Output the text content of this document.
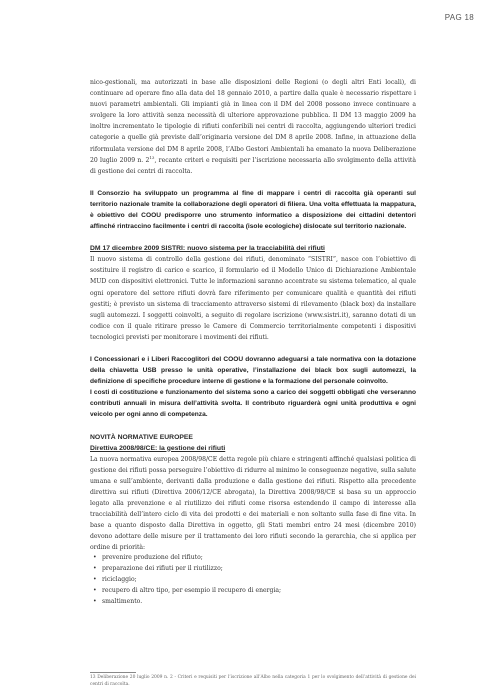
PAG 18

nico-gestionali, ma autorizzati in base alle disposizioni delle Regioni (o degli altri Enti locali), di continuare ad operare fino alla data del 18 gennaio 2010, a partire dalla quale è necessario rispettare i nuovi parametri ambientali. Gli impianti già in linea con il DM del 2008 possono invece continuare a svolgere la loro attività senza necessità di ulteriore approvazione pubblica. Il DM 13 maggio 2009 ha inoltre incrementato le tipologie di rifiuti conferibili nei centri di raccolta, aggiungendo ulteriori tredici categorie a quelle già previste dall’originaria versione del DM 8 aprile 2008. Infine, in attuazione della riformulata versione del DM 8 aprile 2008, l’Albo Gestori Ambientali ha emanato la nuova Deliberazione 20 luglio 2009 n. $2^{13}$, recante criteri e requisiti per l’iscrizione necessaria allo svolgimento della attività di gestione dei centri di raccolta.

Il Consorzio ha sviluppato un programma al fine di mappare i centri di raccolta già operanti sul territorio nazionale tramite la collaborazione degli operatori di filiera. Una volta effettuata la mappatura, è obiettivo del COOU predisporre uno strumento informatico a disposizione dei cittadini detentori affinché rintraccino facilmente i centri di raccolta (isole ecologiche) dislocate sul territorio nazionale.

DM 17 dicembre 2009 SISTRI: nuovo sistema per la tracciabilità dei rifiuti

Il nuovo sistema di controllo della gestione dei rifiuti, denominato “SISTRI”, nasce con l’obiettivo di sostituire il registro di carico e scarico, il formulario ed il Modello Unico di Dichiarazione Ambientale MUD con dispositivi elettronici. Tutte le informazioni saranno accentrate su sistema telematico, al quale ogni operatore del settore rifiuti dovrà fare riferimento per comunicare qualità e quantità dei rifiuti gestiti; è previsto un sistema di tracciamento attraverso sistemi di rilevamento (black box) da installare sugli automezzi. I soggetti coinvolti, a seguito di regolare iscrizione (www.sistri.it), saranno dotati di un codice con il quale ritirare presso le Camere di Commercio territorialmente competenti i dispositivi tecnologici previsti per monitorare i movimenti dei rifiuti.

I Concessionari e i Liberi Raccoglitori del COOU dovranno adeguarsi a tale normativa con la dotazione della chiavetta USB presso le unità operative, l’installazione dei black box sugli automezzi, la definizione di specifiche procedure interne di gestione e la formazione del personale coinvolto.

I costi di costituzione e funzionamento del sistema sono a carico dei soggetti obbligati che verseranno contributi annuali in misura dell’attività svolta. Il contributo riguarderà ogni unità produttiva e ogni veicolo per ogni anno di competenza.

NOVITÀ NORMATIVE EUROPEE

Direttiva 2008/98/CE: la gestione dei rifiuti

La nuova normativa europea 2008/98/CE detta regole più chiare e stringenti affinché qualsiasi politica di gestione dei rifiuti possa perseguire l’obiettivo di ridurre al minimo le conseguenze negative, sulla salute umana e sull’ambiente, derivanti dalla produzione e dalla gestione dei rifiuti. Rispetto alla precedente direttiva sui rifiuti (Direttiva 2006/12/CE abrogata), la Direttiva 2008/98/CE si basa su un approccio legato alla prevenzione e al riutilizzo dei rifiuti come risorsa estendendo il campo di interesse alla tracciabilità dell’intero ciclo di vita dei prodotti e dei materiali e non soltanto sulla fase di fine vita. In base a quanto disposto dalla Direttiva in oggetto, gli Stati membri entro 24 mesi (dicembre 2010) devono adottare delle misure per il trattamento dei loro rifiuti secondo la gerarchia, che si applica per ordine di priorità:

• prevenire produzione del rifiuto;
• preparazione dei rifiuti per il riutilizzo;
• riciclaggio;
• recupero di altro tipo, per esempio il recupero di energia;
• smaltimento.
13 Deliberazione 20 luglio 2009 n. 2 - Criteri e requisiti per l’iscrizione all’Albo nella categoria 1 per lo svolgimento dell’attività di gestione dei centri di raccolta.
